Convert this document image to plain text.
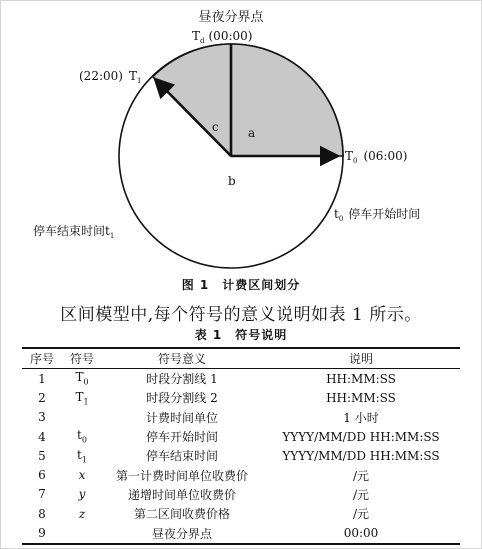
昼夜分界点
$T_d$ (00:00)
(22:00) $T_1$
$T_0$ (06:00)
a
c
b
$t_0$ 停车开始时间
停车结束时间$t_1$
图 1　计费区间划分
区间模型中,每个符号的意义说明如表 1 所示。
表 1　符号说明
序号	符号	符号意义	说明
1	$T_0$	时段分割线 1	HH:MM:SS
2	$T_1$	时段分割线 2	HH:MM:SS
3		计费时间单位	1 小时
4	$t_0$	停车开始时间	YYYY/MM/DD HH:MM:SS
5	$t_1$	停车结束时间	YYYY/MM/DD HH:MM:SS
6	x	第一计费时间单位收费价	/元
7	y	递增时间单位收费价	/元
8	z	第二区间收费价格	/元
9		昼夜分界点	00:00
